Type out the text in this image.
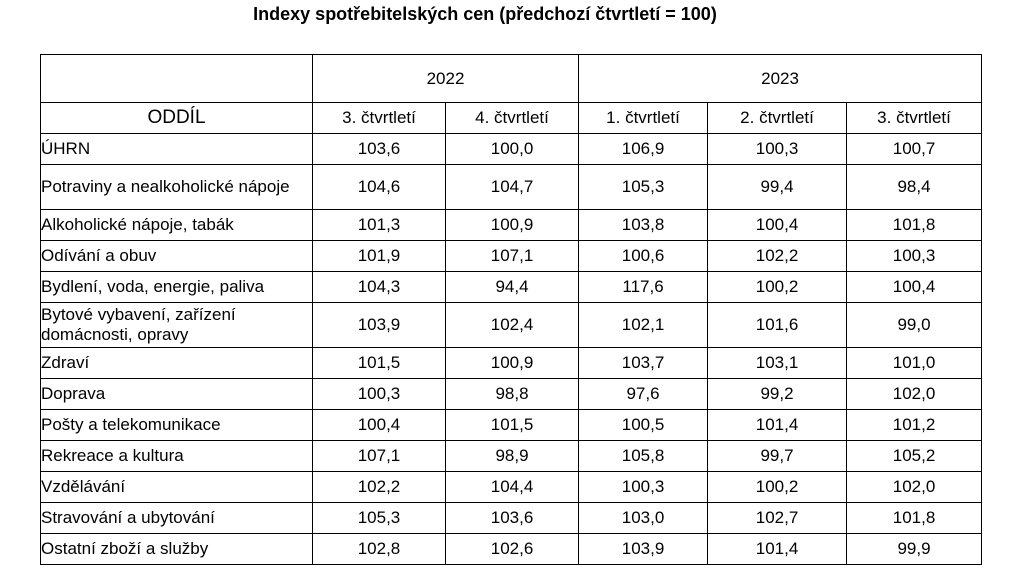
Indexy spotřebitelských cen (předchozí čtvrtletí = 100)
	2022		2023		
ODDÍL	3. čtvrtletí	4. čtvrtletí	1. čtvrtletí	2. čtvrtletí	3. čtvrtletí
ÚHRN	103,6	100,0	106,9	100,3	100,7
Potraviny a nealkoholické nápoje	104,6	104,7	105,3	99,4	98,4
Alkoholické nápoje, tabák	101,3	100,9	103,8	100,4	101,8
Odívání a obuv	101,9	107,1	100,6	102,2	100,3
Bydlení, voda, energie, paliva	104,3	94,4	117,6	100,2	100,4
Bytové vybavení, zařízení domácnosti, opravy	103,9	102,4	102,1	101,6	99,0
Zdraví	101,5	100,9	103,7	103,1	101,0
Doprava	100,3	98,8	97,6	99,2	102,0
Pošty a telekomunikace	100,4	101,5	100,5	101,4	101,2
Rekreace a kultura	107,1	98,9	105,8	99,7	105,2
Vzdělávání	102,2	104,4	100,3	100,2	102,0
Stravování a ubytování	105,3	103,6	103,0	102,7	101,8
Ostatní zboží a služby	102,8	102,6	103,9	101,4	99,9
